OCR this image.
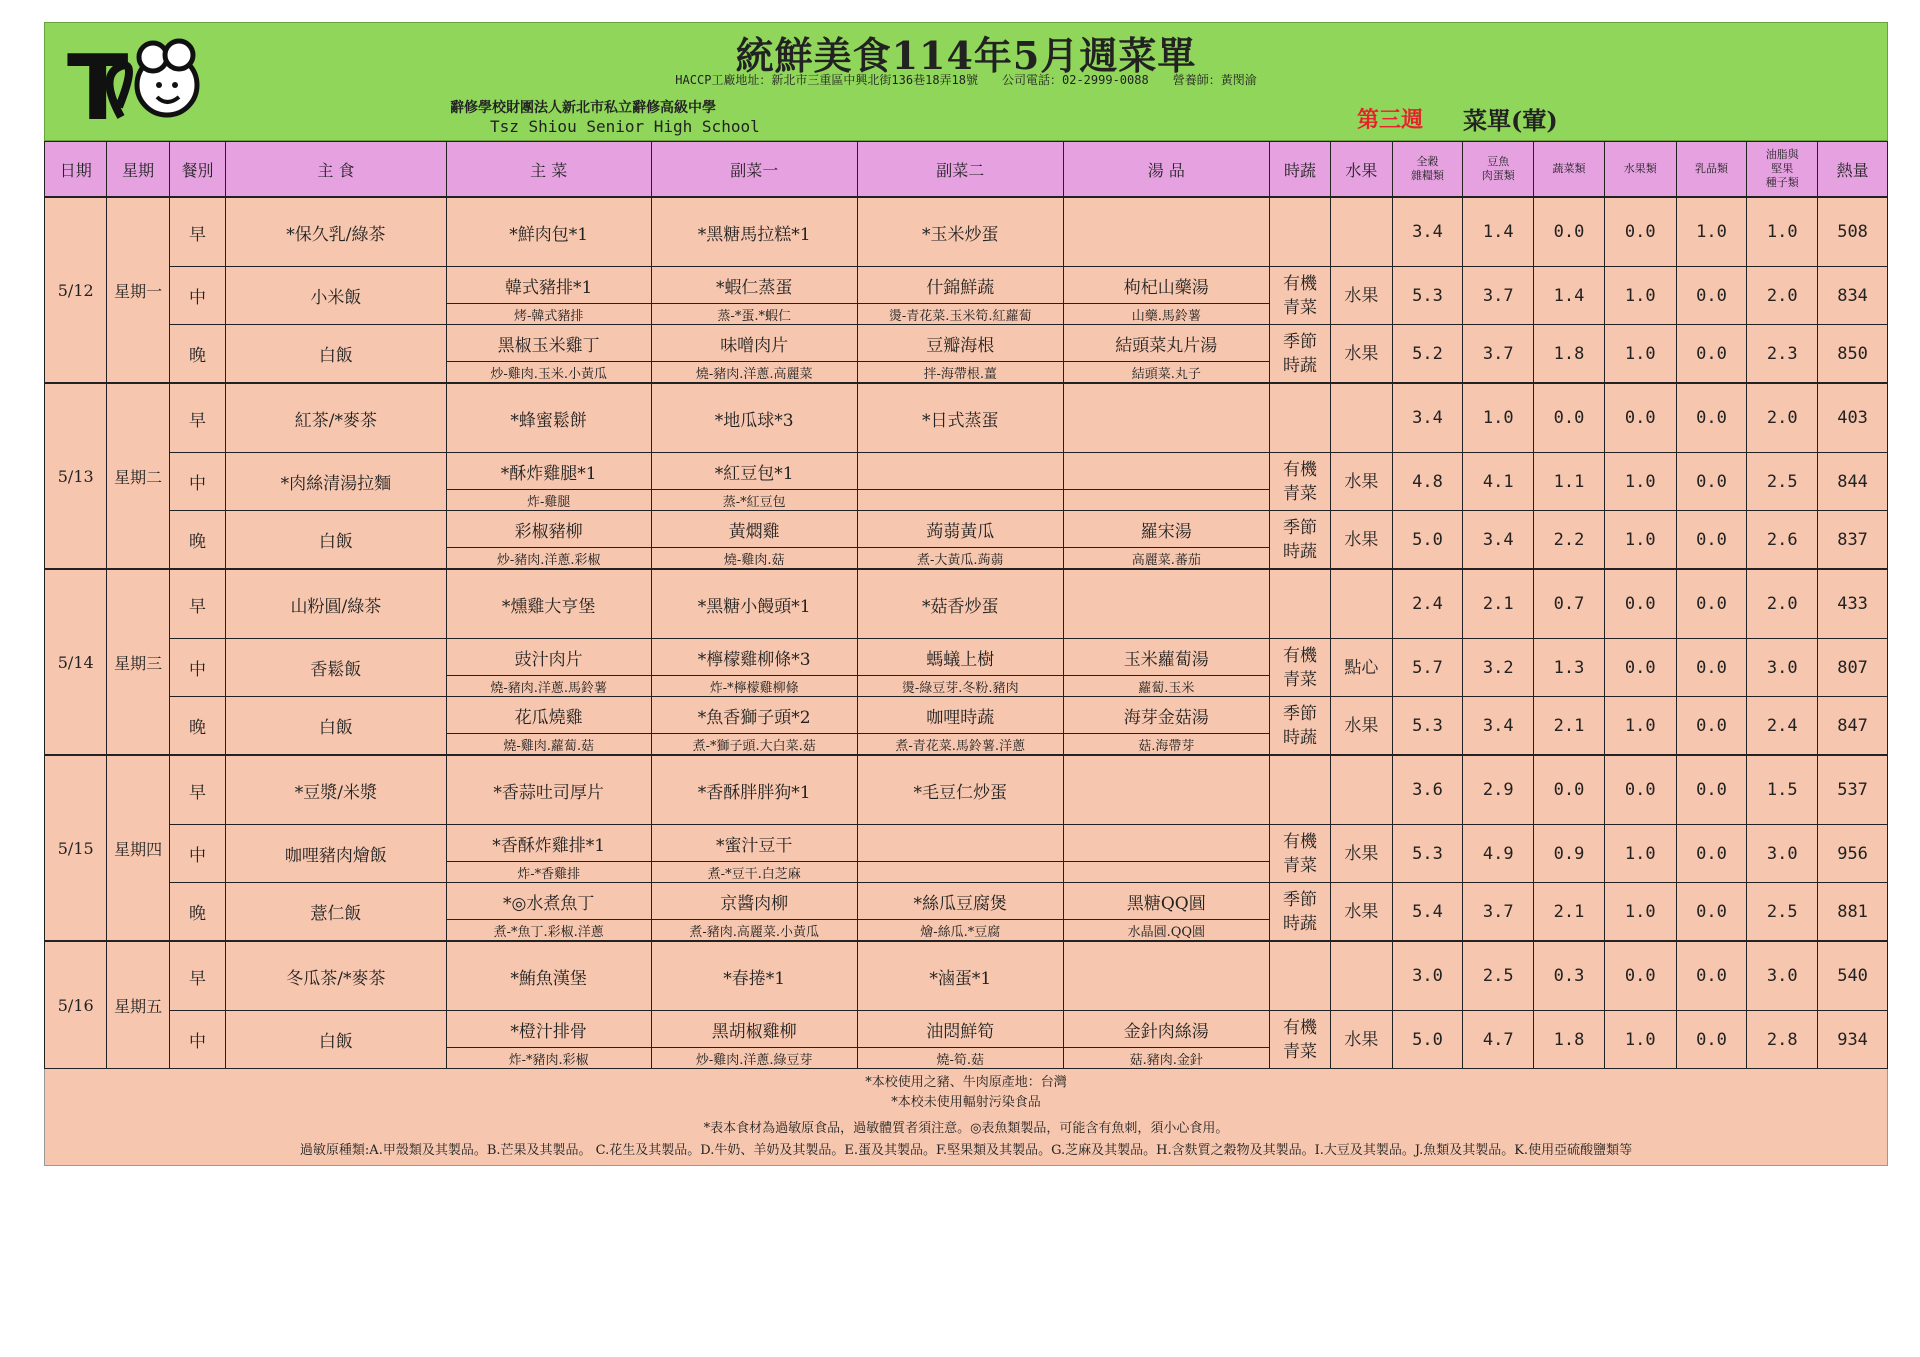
T	統鮮美食114年5月週菜單
HACCP工廠地址：新北市三重區中興北街136巷18弄18號　　公司電話：02-2999-0088　　營養師：黃閔渝
辭修學校財團法人新北市私立辭修高級中學
Tsz Shiou Senior High School	第三週 菜單(葷)
日期	星期	餐別	主 食	主 菜	副菜一	副菜二	湯 品	時蔬	水果	全穀
雜糧類	豆魚
肉蛋類	蔬菜類	水果類	乳品類	油脂與
堅果
種子類	熱量
5/12	星期一	早	*保久乳/綠茶	*鮮肉包*1	*黑糖馬拉糕*1	*玉米炒蛋				3.4	1.4	0.0	0.0	1.0	1.0	508
		中	小米飯	韓式豬排*1	*蝦仁蒸蛋	什錦鮮蔬	枸杞山藥湯	有機
青菜	水果	5.3	3.7	1.4	1.0	0.0	2.0	834
				烤-韓式豬排	蒸-*蛋.*蝦仁	燙-青花菜.玉米筍.紅蘿蔔	山藥.馬鈴薯									
		晚	白飯	黑椒玉米雞丁	味噌肉片	豆瓣海根	結頭菜丸片湯	季節
時蔬	水果	5.2	3.7	1.8	1.0	0.0	2.3	850
				炒-雞肉.玉米.小黃瓜	燒-豬肉.洋蔥.高麗菜	拌-海帶根.薑	結頭菜.丸子									
5/13	星期二	早	紅茶/*麥茶	*蜂蜜鬆餅	*地瓜球*3	*日式蒸蛋				3.4	1.0	0.0	0.0	0.0	2.0	403
		中	*肉絲清湯拉麵	*酥炸雞腿*1	*紅豆包*1			有機
青菜	水果	4.8	4.1	1.1	1.0	0.0	2.5	844
				炸-雞腿	蒸-*紅豆包											
		晚	白飯	彩椒豬柳	黃燜雞	蒟蒻黃瓜	羅宋湯	季節
時蔬	水果	5.0	3.4	2.2	1.0	0.0	2.6	837
				炒-豬肉.洋蔥.彩椒	燒-雞肉.菇	煮-大黃瓜.蒟蒻	高麗菜.蕃茄									
5/14	星期三	早	山粉圓/綠茶	*燻雞大亨堡	*黑糖小饅頭*1	*菇香炒蛋				2.4	2.1	0.7	0.0	0.0	2.0	433
		中	香鬆飯	豉汁肉片	*檸檬雞柳條*3	螞蟻上樹	玉米蘿蔔湯	有機
青菜	點心	5.7	3.2	1.3	0.0	0.0	3.0	807
				燒-豬肉.洋蔥.馬鈴薯	炸-*檸檬雞柳條	燙-綠豆芽.冬粉.豬肉	蘿蔔.玉米									
		晚	白飯	花瓜燒雞	*魚香獅子頭*2	咖哩時蔬	海芽金菇湯	季節
時蔬	水果	5.3	3.4	2.1	1.0	0.0	2.4	847
				燒-雞肉.蘿蔔.菇	煮-*獅子頭.大白菜.菇	煮-青花菜.馬鈴薯.洋蔥	菇.海帶芽									
5/15	星期四	早	*豆漿/米漿	*香蒜吐司厚片	*香酥胖胖狗*1	*毛豆仁炒蛋				3.6	2.9	0.0	0.0	0.0	1.5	537
		中	咖哩豬肉燴飯	*香酥炸雞排*1	*蜜汁豆干			有機
青菜	水果	5.3	4.9	0.9	1.0	0.0	3.0	956
				炸-*香雞排	煮-*豆干.白芝麻											
		晚	薏仁飯	*◎水煮魚丁	京醬肉柳	*絲瓜豆腐煲	黑糖QQ圓	季節
時蔬	水果	5.4	3.7	2.1	1.0	0.0	2.5	881
				煮-*魚丁.彩椒.洋蔥	煮-豬肉.高麗菜.小黃瓜	燴-絲瓜.*豆腐	水晶圓.QQ圓									
5/16	星期五	早	冬瓜茶/*麥茶	*鮪魚漢堡	*春捲*1	*滷蛋*1				3.0	2.5	0.3	0.0	0.0	3.0	540
		中	白飯	*橙汁排骨	黑胡椒雞柳	油悶鮮筍	金針肉絲湯	有機
青菜	水果	5.0	4.7	1.8	1.0	0.0	2.8	934
				炸-*豬肉.彩椒	炒-雞肉.洋蔥.綠豆芽	燒-筍.菇	菇.豬肉.金針									
*本校使用之豬、牛肉原產地：台灣
*本校未使用輻射污染食品
*表本食材為過敏原食品，過敏體質者須注意。◎表魚類製品，可能含有魚刺，須小心食用。
過敏原種類:A.甲殼類及其製品。B.芒果及其製品。 C.花生及其製品。D.牛奶、羊奶及其製品。E.蛋及其製品。F.堅果類及其製品。G.芝麻及其製品。H.含麩質之穀物及其製品。I.大豆及其製品。J.魚類及其製品。K.使用亞硫酸鹽類等
